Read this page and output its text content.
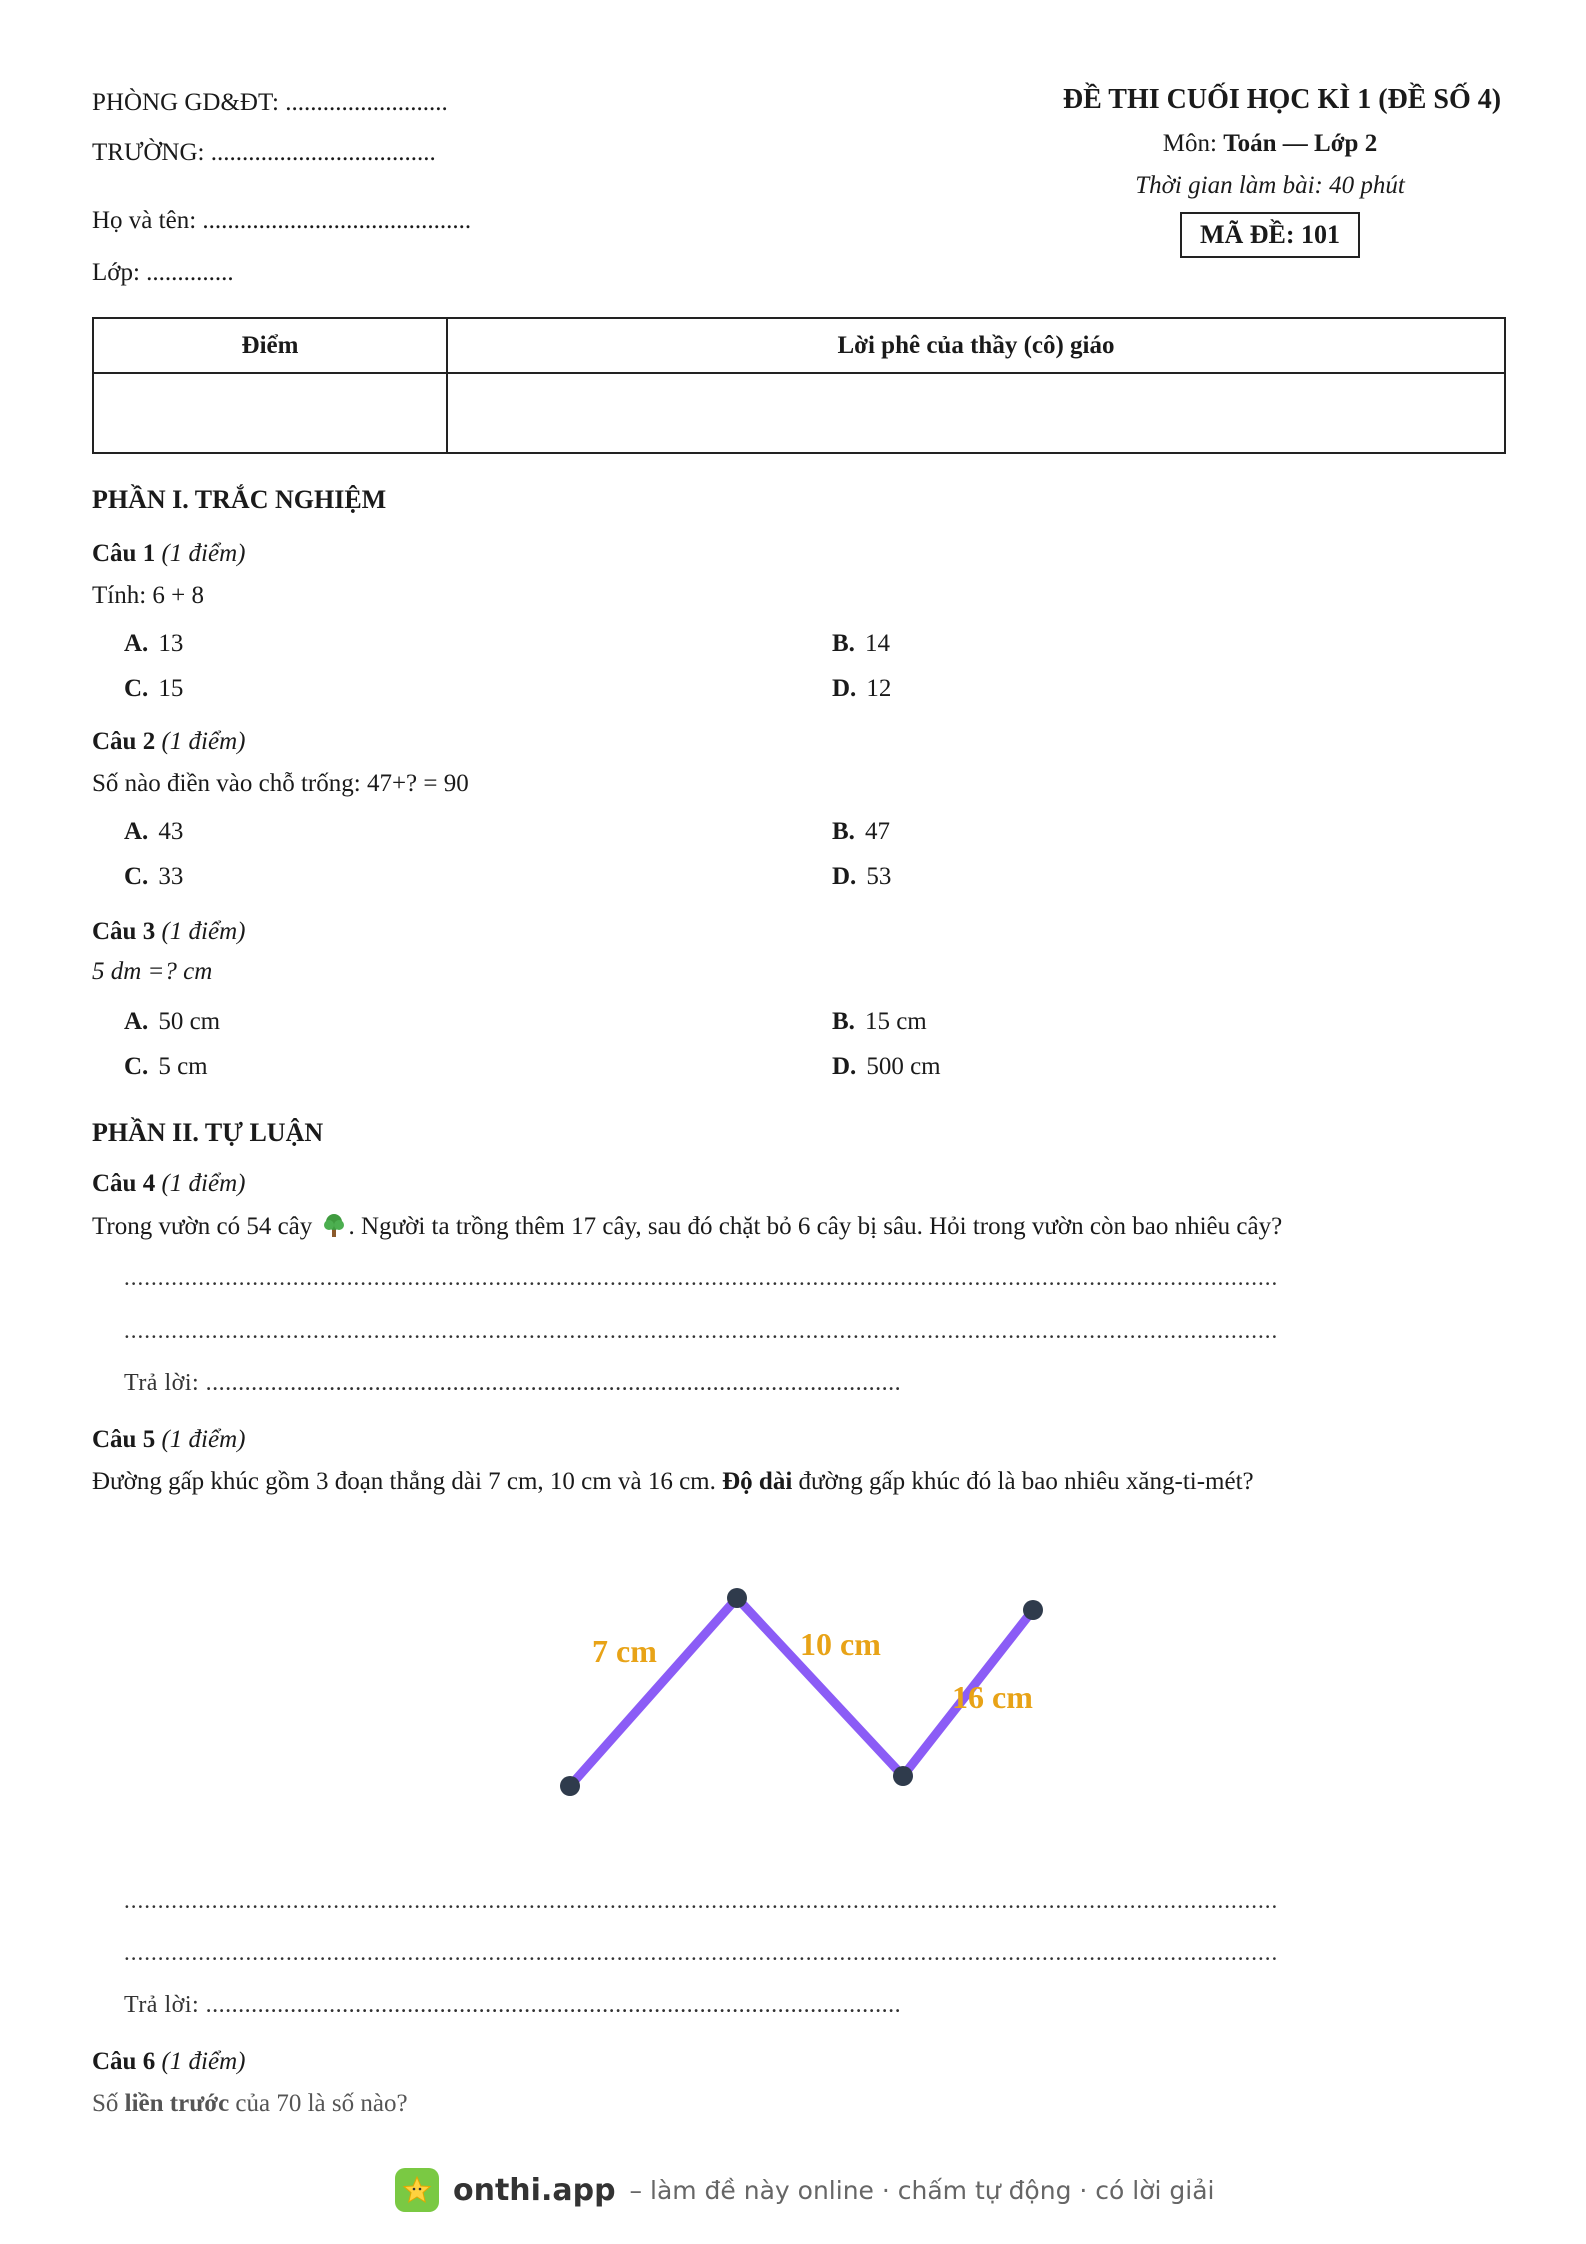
PHÒNG GD&ĐT: ..........................
TRƯỜNG: ....................................
Họ và tên: ...........................................
Lớp: ..............
ĐỀ THI CUỐI HỌC KÌ 1 (ĐỀ SỐ 4)
Môn: Toán — Lớp 2
Thời gian làm bài: 40 phút
MÃ ĐỀ: 101
Điểm	Lời phê của thầy (cô) giáo

PHẦN I. TRẮC NGHIỆM
Câu 1 (1 điểm)
Tính: 6 + 8
A. 13	B. 14
C. 15	D. 12
Câu 2 (1 điểm)
Số nào điền vào chỗ trống: 47+? = 90
A. 43	B. 47
C. 33	D. 53
Câu 3 (1 điểm)
5 dm =? cm
A. 50 cm	B. 15 cm
C. 5 cm	D. 500 cm
PHẦN II. TỰ LUẬN
Câu 4 (1 điểm)
Trong vườn có 54 cây . Người ta trồng thêm 17 cây, sau đó chặt bỏ 6 cây bị sâu. Hỏi trong vườn còn bao nhiêu cây?
...........................................................................................................................................................................
...........................................................................................................................................................................
Trả lời: ...........................................................................................................
Câu 5 (1 điểm)
Đường gấp khúc gồm 3 đoạn thẳng dài 7 cm, 10 cm và 16 cm. Độ dài đường gấp khúc đó là bao nhiêu xăng-ti-mét?
7 cm	10 cm
16 cm
...........................................................................................................................................................................
...........................................................................................................................................................................
Trả lời: ...........................................................................................................
Câu 6 (1 điểm)
Số liền trước của 70 là số nào?
onthi.app – làm đề này online · chấm tự động · có lời giải
